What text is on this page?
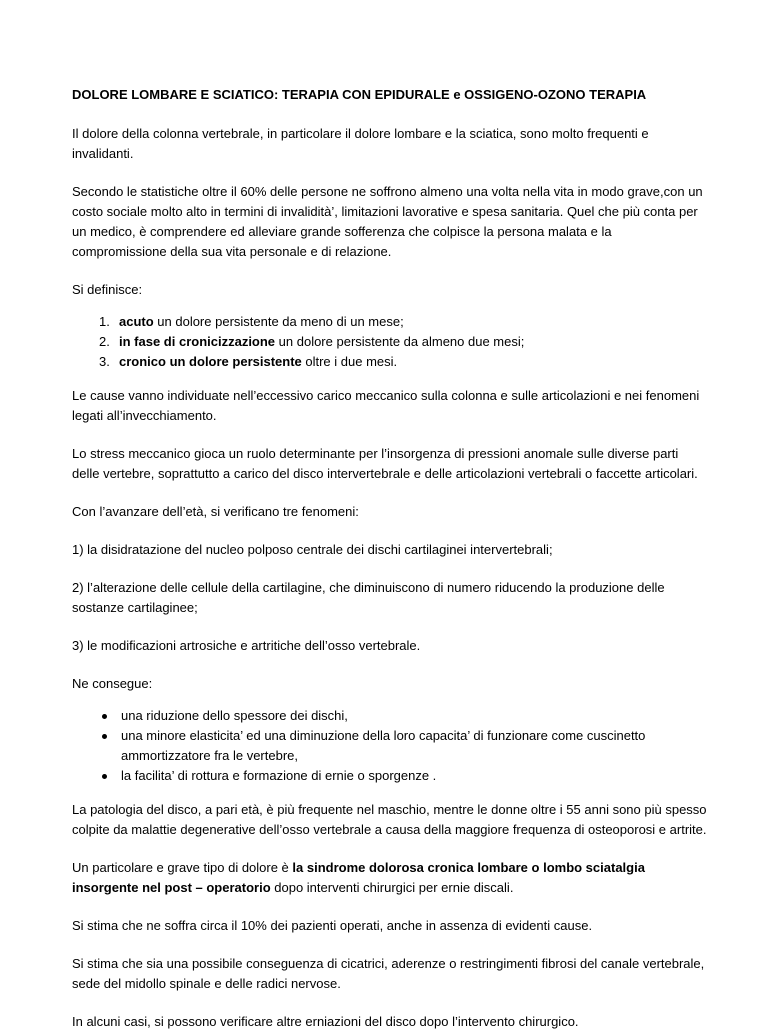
DOLORE LOMBARE E SCIATICO: TERAPIA CON EPIDURALE e OSSIGENO-OZONO TERAPIA

Il dolore della colonna vertebrale, in particolare il dolore lombare e la sciatica, sono molto frequenti e invalidanti.

Secondo le statistiche oltre il 60% delle persone ne soffrono almeno una volta nella vita in modo grave,con un costo sociale molto alto in termini di invalidità’, limitazioni lavorative e spesa sanitaria. Quel che più conta per un medico, è comprendere ed alleviare grande sofferenza che colpisce la persona malata e la compromissione della sua vita personale e di relazione.

Si definisce:

1. acuto un dolore persistente da meno di un mese;
2. in fase di cronicizzazione un dolore persistente da almeno due mesi;
3. cronico un dolore persistente oltre i due mesi.

Le cause vanno individuate nell’eccessivo carico meccanico sulla colonna e sulle articolazioni e nei fenomeni legati all’invecchiamento.

Lo stress meccanico gioca un ruolo determinante per l’insorgenza di pressioni anomale sulle diverse parti delle vertebre, soprattutto a carico del disco intervertebrale e delle articolazioni vertebrali o faccette articolari.

Con l’avanzare dell’età, si verificano tre fenomeni:

1) la disidratazione del nucleo polposo centrale dei dischi cartilaginei intervertebrali;

2) l’alterazione delle cellule della cartilagine, che diminuiscono di numero riducendo la produzione delle sostanze cartilaginee;

3) le modificazioni artrosiche e artritiche dell’osso vertebrale.

Ne consegue:

una riduzione dello spessore dei dischi,
una minore elasticita’ ed una diminuzione della loro capacita’ di funzionare come cuscinetto ammortizzatore fra le vertebre,
la facilita’ di rottura e formazione di ernie o sporgenze .

La patologia del disco, a pari età, è più frequente nel maschio, mentre le donne oltre i 55 anni sono più spesso colpite da malattie degenerative dell’osso vertebrale a causa della maggiore frequenza di osteoporosi e artrite.

Un particolare e grave tipo di dolore è la sindrome dolorosa cronica lombare o lombo sciatalgia insorgente nel post – operatorio dopo interventi chirurgici per ernie discali.

Si stima che ne soffra circa il 10% dei pazienti operati, anche in assenza di evidenti cause.

Si stima che sia una possibile conseguenza di cicatrici, aderenze o restringimenti fibrosi del canale vertebrale, sede del midollo spinale e delle radici nervose.

In alcuni casi, si possono verificare altre erniazioni del disco dopo l’intervento chirurgico.
